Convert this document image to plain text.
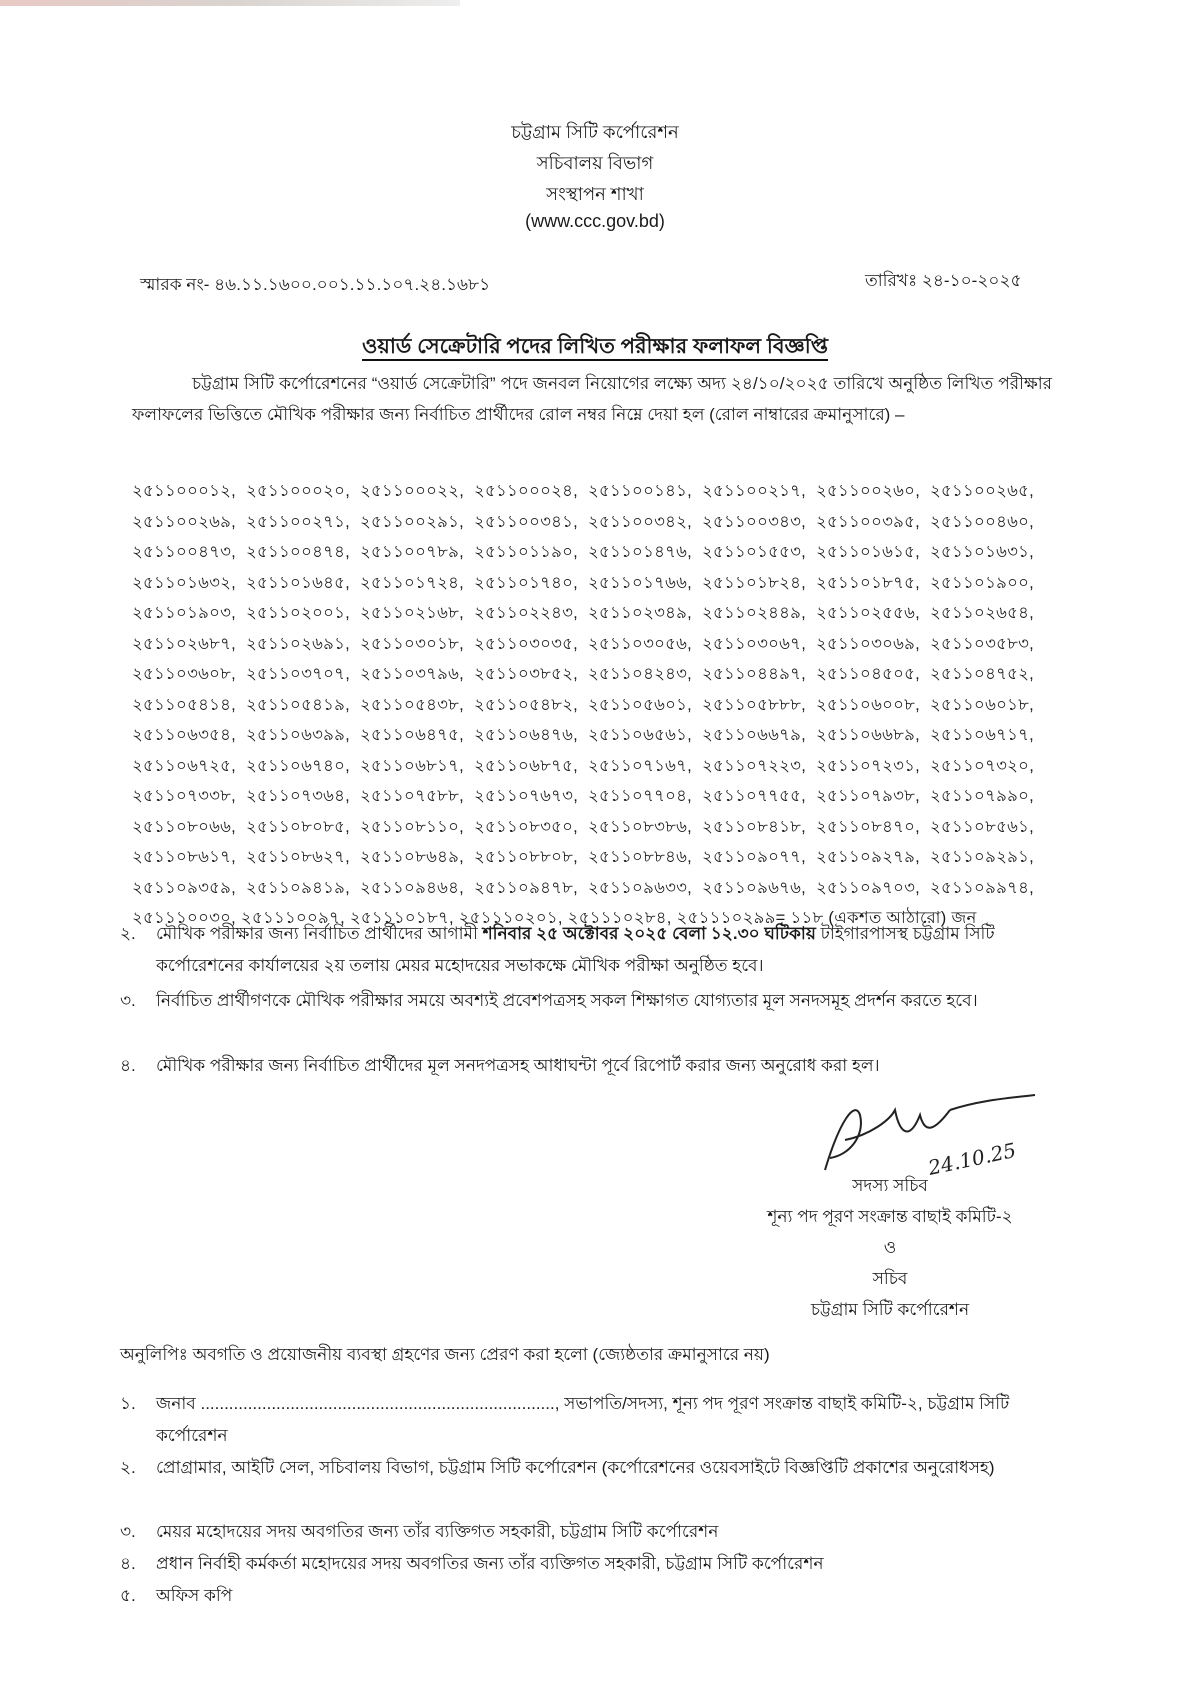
চট্টগ্রাম সিটি কর্পোরেশন
সচিবালয় বিভাগ
সংস্থাপন শাখা
(www.ccc.gov.bd)
স্মারক নং- ৪৬.১১.১৬০০.০০১.১১.১০৭.২৪.১৬৮১	তারিখঃ ২৪-১০-২০২৫
ওয়ার্ড সেক্রেটারি পদের লিখিত পরীক্ষার ফলাফল বিজ্ঞপ্তি
চট্টগ্রাম সিটি কর্পোরেশনের “ওয়ার্ড সেক্রেটারি” পদে জনবল নিয়োগের লক্ষ্যে অদ্য ২৪/১০/২০২৫ তারিখে অনুষ্ঠিত লিখিত পরীক্ষার ফলাফলের ভিত্তিতে মৌখিক পরীক্ষার জন্য নির্বাচিত প্রার্থীদের রোল নম্বর নিম্নে দেয়া হল (রোল নাম্বারের ক্রমানুসারে) –
২৫১১০০০১২, ২৫১১০০০২০, ২৫১১০০০২২, ২৫১১০০০২৪, ২৫১১০০১৪১, ২৫১১০০২১৭, ২৫১১০০২৬০, ২৫১১০০২৬৫,
২৫১১০০২৬৯, ২৫১১০০২৭১, ২৫১১০০২৯১, ২৫১১০০৩৪১, ২৫১১০০৩৪২, ২৫১১০০৩৪৩, ২৫১১০০৩৯৫, ২৫১১০০৪৬০,
২৫১১০০৪৭৩, ২৫১১০০৪৭৪, ২৫১১০০৭৮৯, ২৫১১০১১৯০, ২৫১১০১৪৭৬, ২৫১১০১৫৫৩, ২৫১১০১৬১৫, ২৫১১০১৬৩১,
২৫১১০১৬৩২, ২৫১১০১৬৪৫, ২৫১১০১৭২৪, ২৫১১০১৭৪০, ২৫১১০১৭৬৬, ২৫১১০১৮২৪, ২৫১১০১৮৭৫, ২৫১১০১৯০০,
২৫১১০১৯০৩, ২৫১১০২০০১, ২৫১১০২১৬৮, ২৫১১০২২৪৩, ২৫১১০২৩৪৯, ২৫১১০২৪৪৯, ২৫১১০২৫৫৬, ২৫১১০২৬৫৪,
২৫১১০২৬৮৭, ২৫১১০২৬৯১, ২৫১১০৩০১৮, ২৫১১০৩০৩৫, ২৫১১০৩০৫৬, ২৫১১০৩০৬৭, ২৫১১০৩০৬৯, ২৫১১০৩৫৮৩,
২৫১১০৩৬০৮, ২৫১১০৩৭০৭, ২৫১১০৩৭৯৬, ২৫১১০৩৮৫২, ২৫১১০৪২৪৩, ২৫১১০৪৪৯৭, ২৫১১০৪৫০৫, ২৫১১০৪৭৫২,
২৫১১০৫৪১৪, ২৫১১০৫৪১৯, ২৫১১০৫৪৩৮, ২৫১১০৫৪৮২, ২৫১১০৫৬০১, ২৫১১০৫৮৮৮, ২৫১১০৬০০৮, ২৫১১০৬০১৮,
২৫১১০৬৩৫৪, ২৫১১০৬৩৯৯, ২৫১১০৬৪৭৫, ২৫১১০৬৪৭৬, ২৫১১০৬৫৬১, ২৫১১০৬৬৭৯, ২৫১১০৬৬৮৯, ২৫১১০৬৭১৭,
২৫১১০৬৭২৫, ২৫১১০৬৭৪০, ২৫১১০৬৮১৭, ২৫১১০৬৮৭৫, ২৫১১০৭১৬৭, ২৫১১০৭২২৩, ২৫১১০৭২৩১, ২৫১১০৭৩২০,
২৫১১০৭৩৩৮, ২৫১১০৭৩৬৪, ২৫১১০৭৫৮৮, ২৫১১০৭৬৭৩, ২৫১১০৭৭০৪, ২৫১১০৭৭৫৫, ২৫১১০৭৯৩৮, ২৫১১০৭৯৯০,
২৫১১০৮০৬৬, ২৫১১০৮০৮৫, ২৫১১০৮১১০, ২৫১১০৮৩৫০, ২৫১১০৮৩৮৬, ২৫১১০৮৪১৮, ২৫১১০৮৪৭০, ২৫১১০৮৫৬১,
২৫১১০৮৬১৭, ২৫১১০৮৬২৭, ২৫১১০৮৬৪৯, ২৫১১০৮৮০৮, ২৫১১০৮৮৪৬, ২৫১১০৯০৭৭, ২৫১১০৯২৭৯, ২৫১১০৯২৯১,
২৫১১০৯৩৫৯, ২৫১১০৯৪১৯, ২৫১১০৯৪৬৪, ২৫১১০৯৪৭৮, ২৫১১০৯৬৩৩, ২৫১১০৯৬৭৬, ২৫১১০৯৭০৩, ২৫১১০৯৯৭৪,
২৫১১১০০৩০, ২৫১১১০০৯৭, ২৫১১১০১৮৭, ২৫১১১০২০১, ২৫১১১০২৮৪, ২৫১১১০২৯৯= ১১৮ (একশত আঠারো) জন
২.	মৌখিক পরীক্ষার জন্য নির্বাচিত প্রার্থীদের আগামী শনিবার ২৫ অক্টোবর ২০২৫ বেলা ১২.৩০ ঘটিকায় টাইগারপাসস্থ চট্টগ্রাম সিটি কর্পোরেশনের কার্যালয়ের ২য় তলায় মেয়র মহোদয়ের সভাকক্ষে মৌখিক পরীক্ষা অনুষ্ঠিত হবে।
৩.	নির্বাচিত প্রার্থীগণকে মৌখিক পরীক্ষার সময়ে অবশ্যই প্রবেশপত্রসহ সকল শিক্ষাগত যোগ্যতার মূল সনদসমূহ প্রদর্শন করতে হবে।
৪.	মৌখিক পরীক্ষার জন্য নির্বাচিত প্রার্থীদের মূল সনদপত্রসহ আধাঘন্টা পূর্বে রিপোর্ট করার জন্য অনুরোধ করা হল।
24.10.25
সদস্য সচিব
শূন্য পদ পূরণ সংক্রান্ত বাছাই কমিটি-২
ও
সচিব
চট্টগ্রাম সিটি কর্পোরেশন
অনুলিপিঃ অবগতি ও প্রয়োজনীয় ব্যবস্থা গ্রহণের জন্য প্রেরণ করা হলো (জ্যেষ্ঠতার ক্রমানুসারে নয়)
১.	জনাব ..........................................................................., সভাপতি/সদস্য, শূন্য পদ পূরণ সংক্রান্ত বাছাই কমিটি-২, চট্টগ্রাম সিটি কর্পোরেশন
২.	প্রোগ্রামার, আইটি সেল, সচিবালয় বিভাগ, চট্টগ্রাম সিটি কর্পোরেশন (কর্পোরেশনের ওয়েবসাইটে বিজ্ঞপ্তিটি প্রকাশের অনুরোধসহ)
৩.	মেয়র মহোদয়ের সদয় অবগতির জন্য তাঁর ব্যক্তিগত সহকারী, চট্টগ্রাম সিটি কর্পোরেশন
৪.	প্রধান নির্বাহী কর্মকর্তা মহোদয়ের সদয় অবগতির জন্য তাঁর ব্যক্তিগত সহকারী, চট্টগ্রাম সিটি কর্পোরেশন
৫.	অফিস কপি
